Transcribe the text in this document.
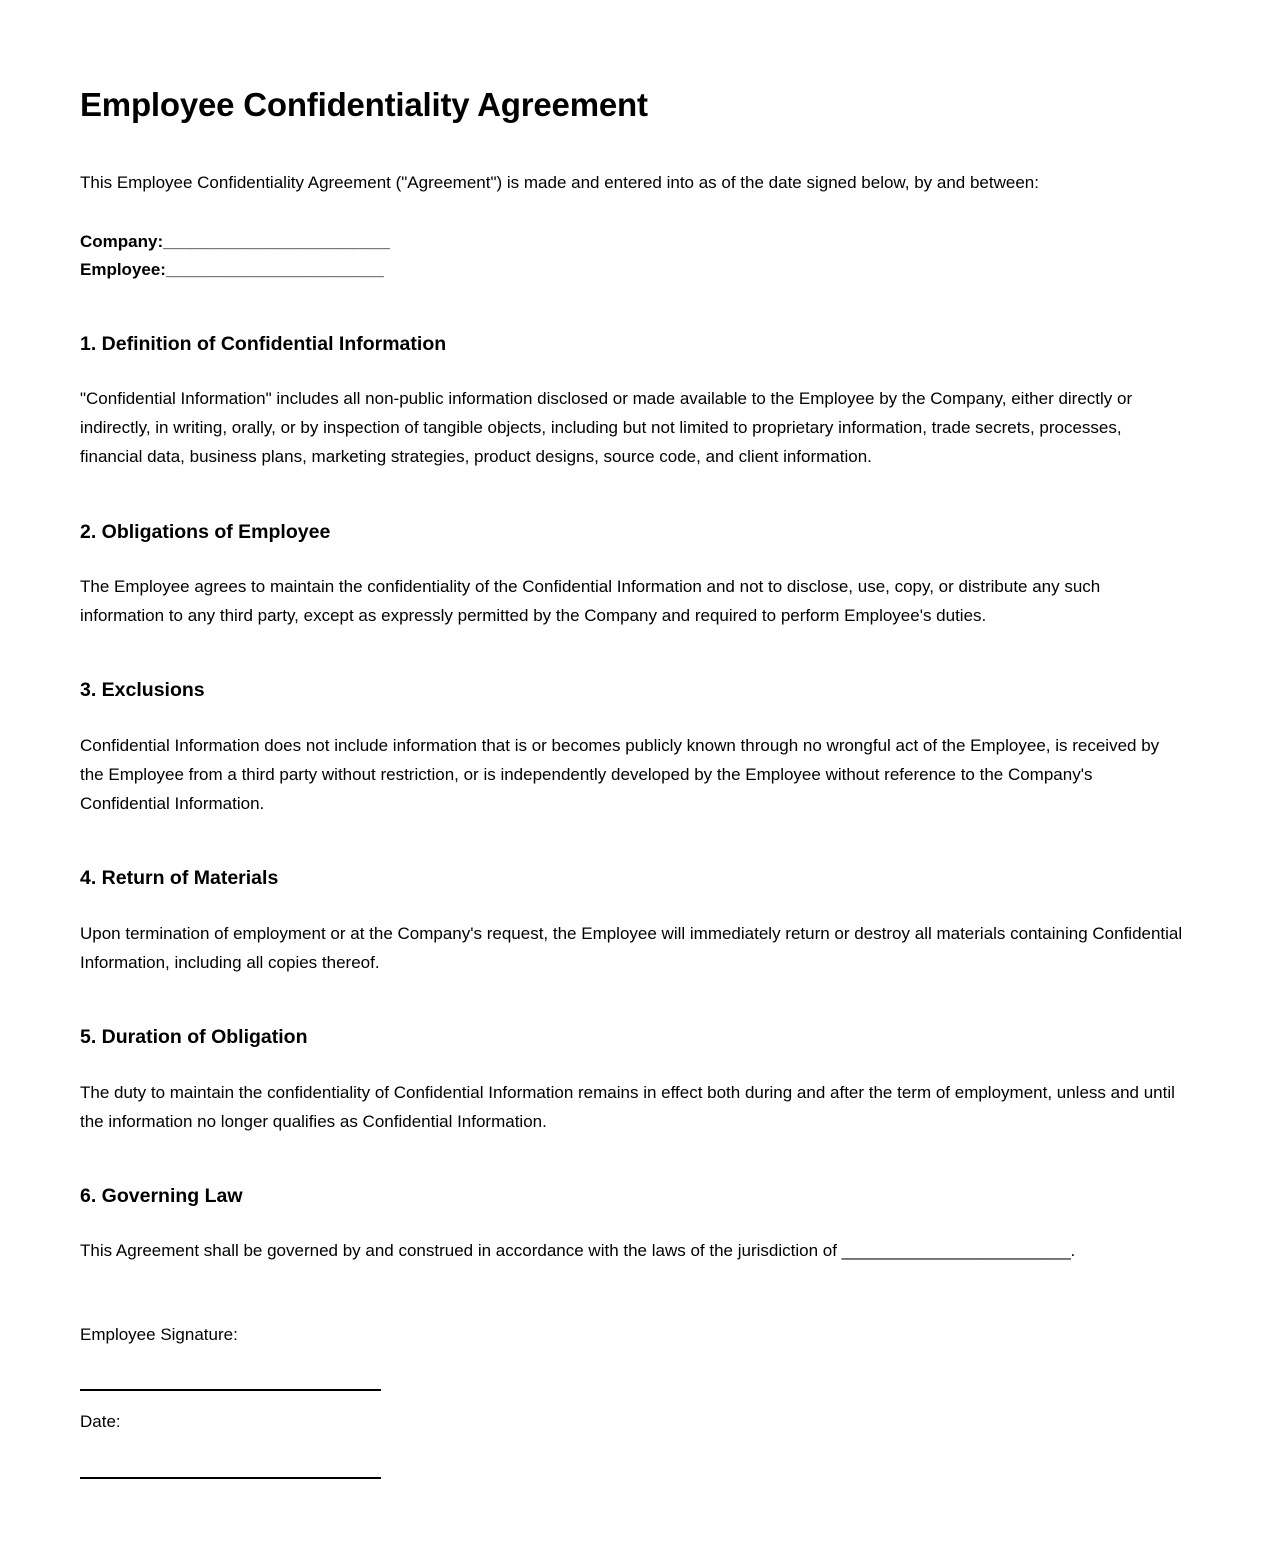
Employee Confidentiality Agreement

This Employee Confidentiality Agreement ("Agreement") is made and entered into as of the date signed below, by and between:

Company:_________________________
Employee:________________________
1. Definition of Confidential Information

"Confidential Information" includes all non-public information disclosed or made available to the Employee by the Company, either directly or indirectly, in writing, orally, or by inspection of tangible objects, including but not limited to proprietary information, trade secrets, processes, financial data, business plans, marketing strategies, product designs, source code, and client information.

2. Obligations of Employee

The Employee agrees to maintain the confidentiality of the Confidential Information and not to disclose, use, copy, or distribute any such information to any third party, except as expressly permitted by the Company and required to perform Employee's duties.

3. Exclusions

Confidential Information does not include information that is or becomes publicly known through no wrongful act of the Employee, is received by the Employee from a third party without restriction, or is independently developed by the Employee without reference to the Company's Confidential Information.

4. Return of Materials

Upon termination of employment or at the Company's request, the Employee will immediately return or destroy all materials containing Confidential Information, including all copies thereof.

5. Duration of Obligation

The duty to maintain the confidentiality of Confidential Information remains in effect both during and after the term of employment, unless and until the information no longer qualifies as Confidential Information.

6. Governing Law

This Agreement shall be governed by and construed in accordance with the laws of the jurisdiction of _________________________.

Employee Signature:

Date:
